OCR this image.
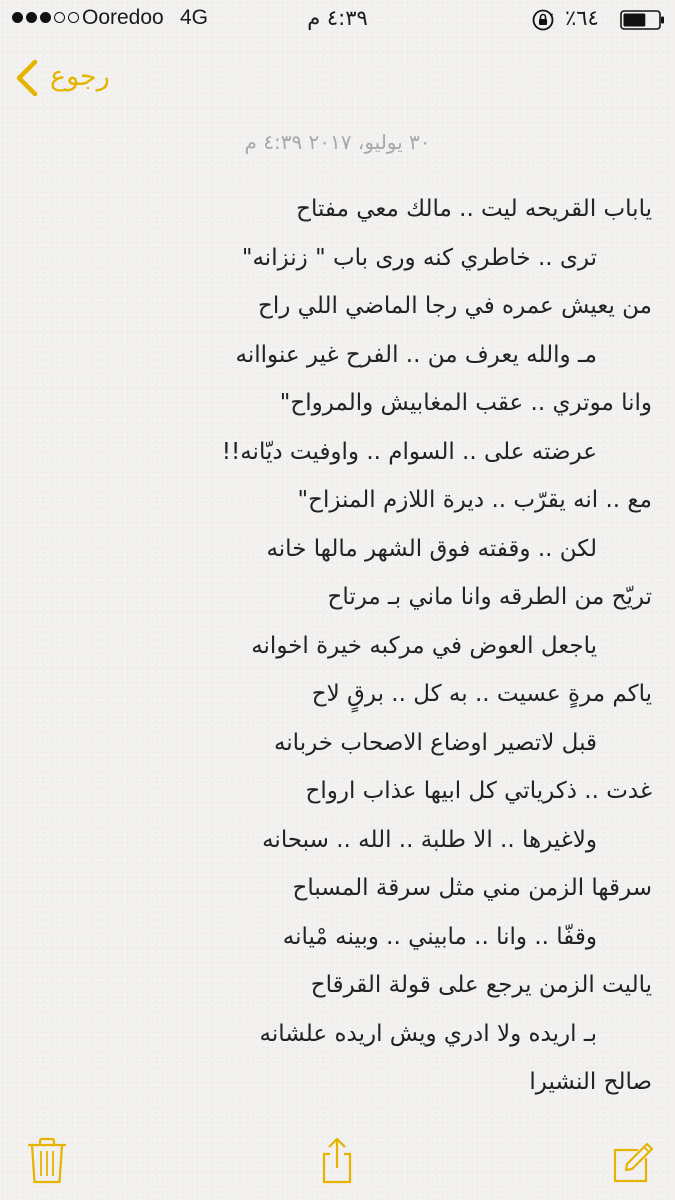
Ooredoo 4G	٤:٣٩ م	٪٦٤
رجوع
٣٠ يوليو، ٢٠١٧ ٤:٣٩ م
ياباب القريحه ليت .. مالك معي مفتاح
ترى .. خاطري كنه ورى باب " زنزانه"
من يعيش عمره في رجا الماضي اللي راح
مـ والله يعرف من .. الفرح غير عنواانه
وانا موتري .. عقب المغابيش والمرواح"
عرضته على .. السوام .. واوفيت ديّانه!!
مع .. انه يقرّب .. ديرة اللازم المنزاح"
لكن .. وقفته فوق الشهر مالها خانه
تريّح من الطرقه وانا ماني بـ مرتاح
ياجعل العوض في مركبه خيرة اخوانه
ياكم مرةٍ عسيت .. به كل .. برقٍ لاح
قبل لاتصير اوضاع الاصحاب خربانه
غدت .. ذكرياتي كل ابيها عذاب ارواح
ولاغيرها .. الا طلبة .. الله .. سبحانه
سرقها الزمن مني مثل سرقة المسباح
وقفّا .. وانا .. مابيني .. وبينه مْيانه
ياليت الزمن يرجع على قولة القرقاح
بـ اريده ولا ادري ويش اريده علشانه
صالح النشيرا
